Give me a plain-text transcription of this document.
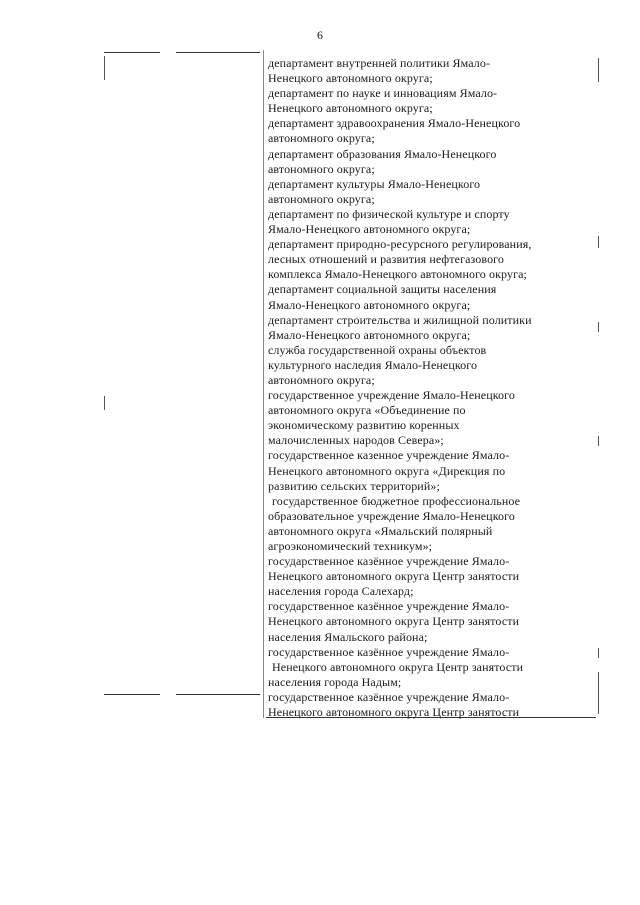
6
департамент внутренней политики Ямало-
Ненецкого автономного округа;
департамент по науке и инновациям Ямало-
Ненецкого автономного округа;
департамент здравоохранения Ямало-Ненецкого
автономного округа;
департамент образования Ямало-Ненецкого
автономного округа;
департамент культуры Ямало-Ненецкого
автономного округа;
департамент по физической культуре и спорту
Ямало-Ненецкого автономного округа;
департамент природно-ресурсного регулирования,
лесных отношений и развития нефтегазового
комплекса Ямало-Ненецкого автономного округа;
департамент социальной защиты населения
Ямало-Ненецкого автономного округа;
департамент строительства и жилищной политики
Ямало-Ненецкого автономного округа;
служба государственной охраны объектов
культурного наследия Ямало-Ненецкого
автономного округа;
государственное учреждение Ямало-Ненецкого
автономного округа «Объединение по
экономическому развитию коренных
малочисленных народов Севера»;
государственное казенное учреждение Ямало-
Ненецкого автономного округа «Дирекция по
развитию сельских территорий»;
государственное бюджетное профессиональное
образовательное учреждение Ямало-Ненецкого
автономного округа «Ямальский полярный
агроэкономический техникум»;
государственное казённое учреждение Ямало-
Ненецкого автономного округа Центр занятости
населения города Салехард;
государственное казённое учреждение Ямало-
Ненецкого автономного округа Центр занятости
населения Ямальского района;
государственное казённое учреждение Ямало-
Ненецкого автономного округа Центр занятости
населения города Надым;
государственное казённое учреждение Ямало-
Ненецкого автономного округа Центр занятости
